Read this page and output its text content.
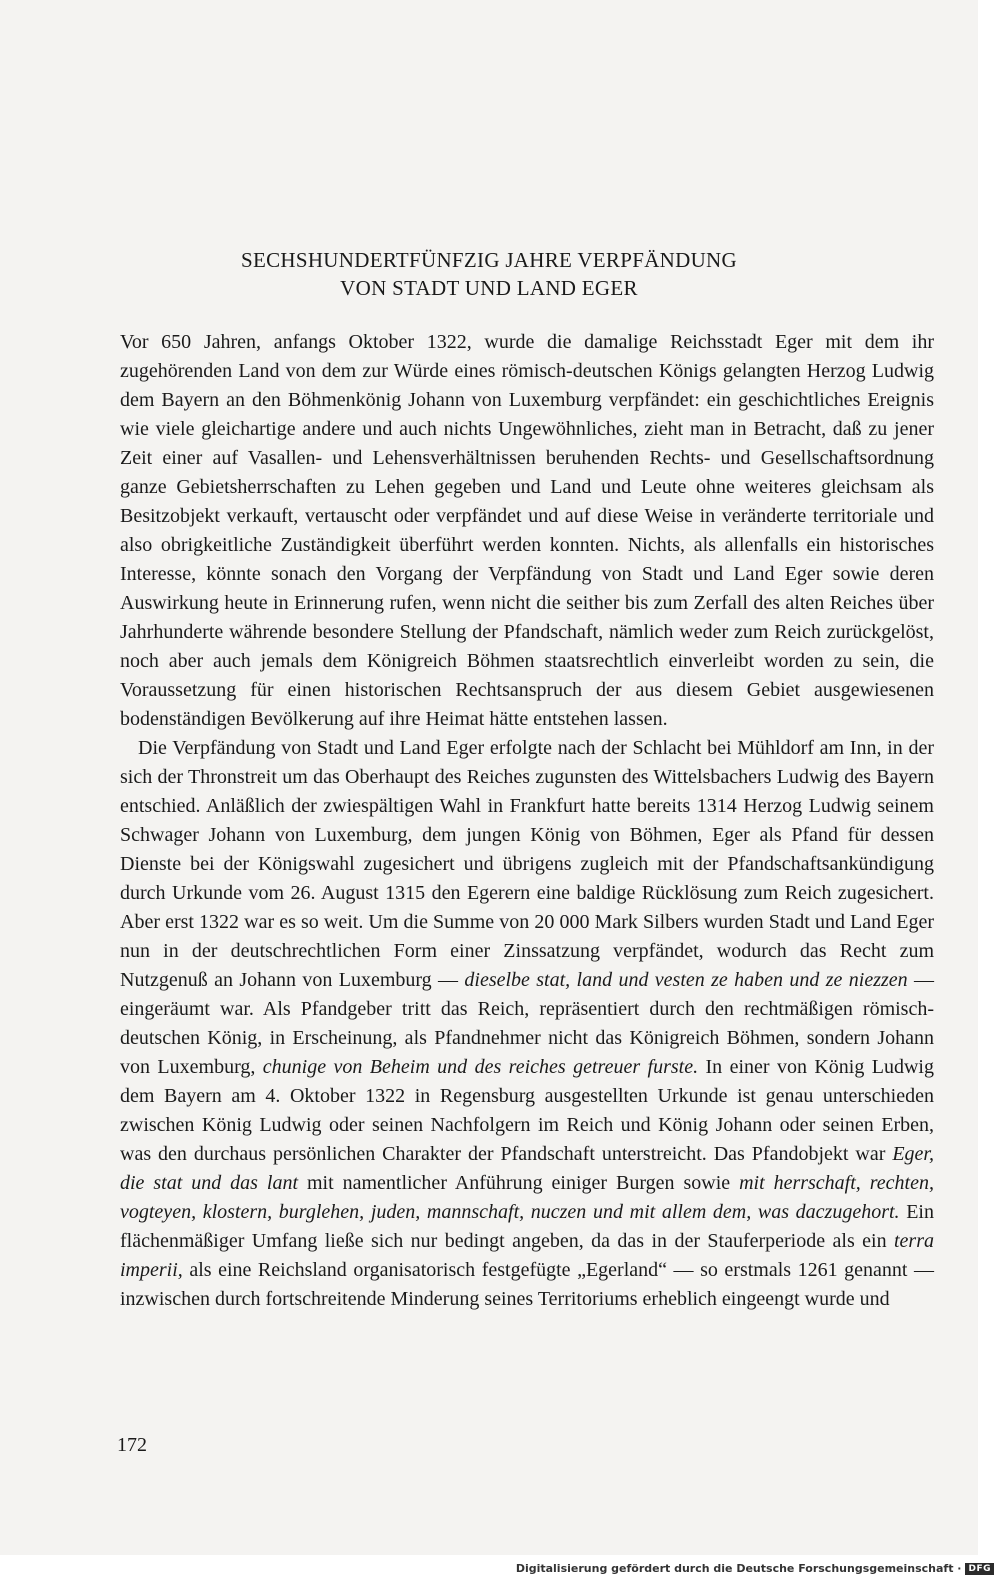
SECHSHUNDERTFÜNFZIG JAHRE VERPFÄNDUNG
VON STADT UND LAND EGER

Vor 650 Jahren, anfangs Oktober 1322, wurde die damalige Reichsstadt Eger mit dem ihr zugehörenden Land von dem zur Würde eines römisch-deutschen Königs gelangten Herzog Ludwig dem Bayern an den Böhmenkönig Johann von Luxemburg verpfändet: ein geschichtliches Ereignis wie viele gleichartige andere und auch nichts Ungewöhnliches, zieht man in Betracht, daß zu jener Zeit einer auf Vasallen- und Lehensverhältnissen beruhenden Rechts- und Gesellschaftsordnung ganze Gebietsherrschaften zu Lehen gegeben und Land und Leute ohne weiteres gleichsam als Besitzobjekt verkauft, vertauscht oder verpfändet und auf diese Weise in veränderte territoriale und also obrigkeitliche Zuständigkeit überführt werden konnten. Nichts, als allenfalls ein historisches Interesse, könnte sonach den Vorgang der Verpfändung von Stadt und Land Eger sowie deren Auswirkung heute in Erinnerung rufen, wenn nicht die seither bis zum Zerfall des alten Reiches über Jahrhunderte währende besondere Stellung der Pfandschaft, nämlich weder zum Reich zurückgelöst, noch aber auch jemals dem Königreich Böhmen staatsrechtlich einverleibt worden zu sein, die Voraussetzung für einen historischen Rechtsanspruch der aus diesem Gebiet ausgewiesenen bodenständigen Bevölkerung auf ihre Heimat hätte entstehen lassen.

Die Verpfändung von Stadt und Land Eger erfolgte nach der Schlacht bei Mühldorf am Inn, in der sich der Thronstreit um das Oberhaupt des Reiches zugunsten des Wittelsbachers Ludwig des Bayern entschied. Anläßlich der zwiespältigen Wahl in Frankfurt hatte bereits 1314 Herzog Ludwig seinem Schwager Johann von Luxemburg, dem jungen König von Böhmen, Eger als Pfand für dessen Dienste bei der Königswahl zugesichert und übrigens zugleich mit der Pfandschaftsankündigung durch Urkunde vom 26. August 1315 den Egerern eine baldige Rücklösung zum Reich zugesichert. Aber erst 1322 war es so weit. Um die Summe von 20 000 Mark Silbers wurden Stadt und Land Eger nun in der deutschrechtlichen Form einer Zinssatzung verpfändet, wodurch das Recht zum Nutzgenuß an Johann von Luxemburg — dieselbe stat, land und vesten ze haben und ze niezzen — eingeräumt war. Als Pfandgeber tritt das Reich, repräsentiert durch den rechtmäßigen römisch-deutschen König, in Erscheinung, als Pfandnehmer nicht das Königreich Böhmen, sondern Johann von Luxemburg, chunige von Beheim und des reiches getreuer furste. In einer von König Ludwig dem Bayern am 4. Oktober 1322 in Regensburg ausgestellten Urkunde ist genau unterschieden zwischen König Ludwig oder seinen Nachfolgern im Reich und König Johann oder seinen Erben, was den durchaus persönlichen Charakter der Pfandschaft unterstreicht. Das Pfandobjekt war Eger, die stat und das lant mit namentlicher Anführung einiger Burgen sowie mit herrschaft, rechten, vogteyen, klostern, burglehen, juden, mannschaft, nuczen und mit allem dem, was daczugehort. Ein flächenmäßiger Umfang ließe sich nur bedingt angeben, da das in der Stauferperiode als ein terra imperii, als eine Reichsland organisatorisch festgefügte „Egerland“ — so erstmals 1261 genannt — inzwischen durch fortschreitende Minderung seines Territoriums erheblich eingeengt wurde und

172
Digitalisierung gefördert durch die Deutsche Forschungsgemeinschaft · DFG
